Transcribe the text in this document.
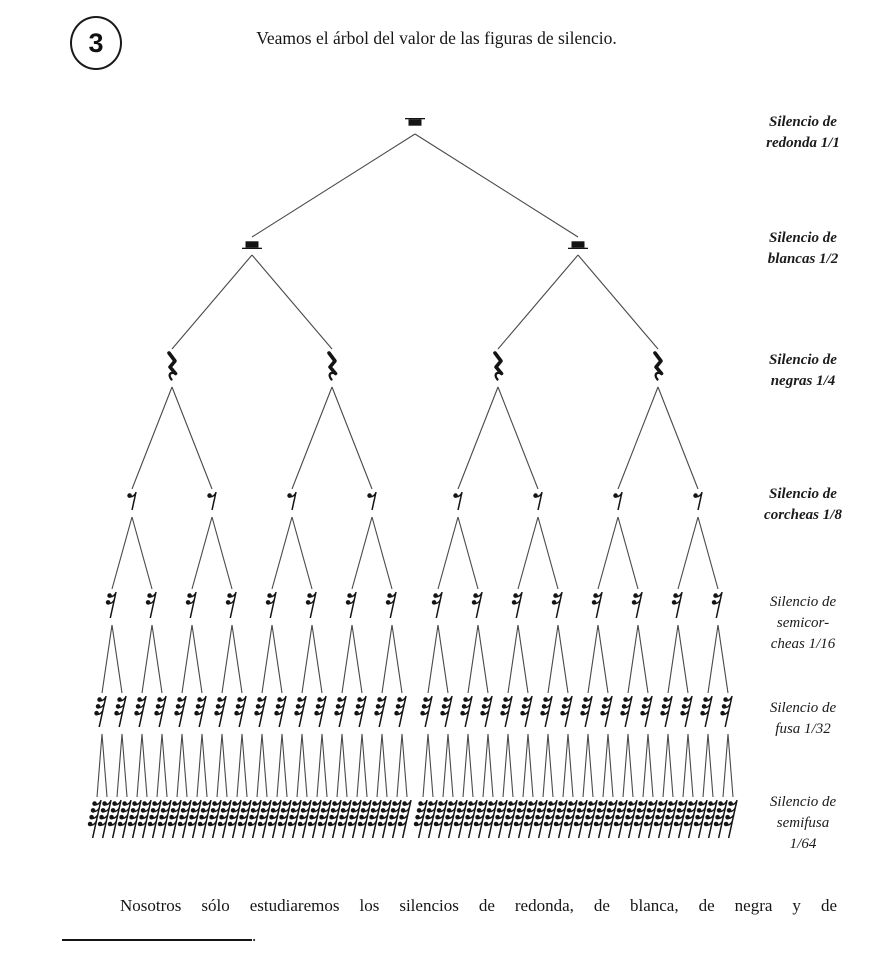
3	Veamos el árbol del valor de las figuras de silencio.
Silencio de
redonda 1/1
Silencio de
blancas 1/2
Silencio de
negras 1/4
Silencio de
corcheas 1/8
Silencio de
semicor-
cheas 1/16
Silencio de
fusa 1/32
Silencio de
semifusa
1/64

Nosotros sólo estudiaremos los silencios de redonda, de blanca, de negra y de

.
